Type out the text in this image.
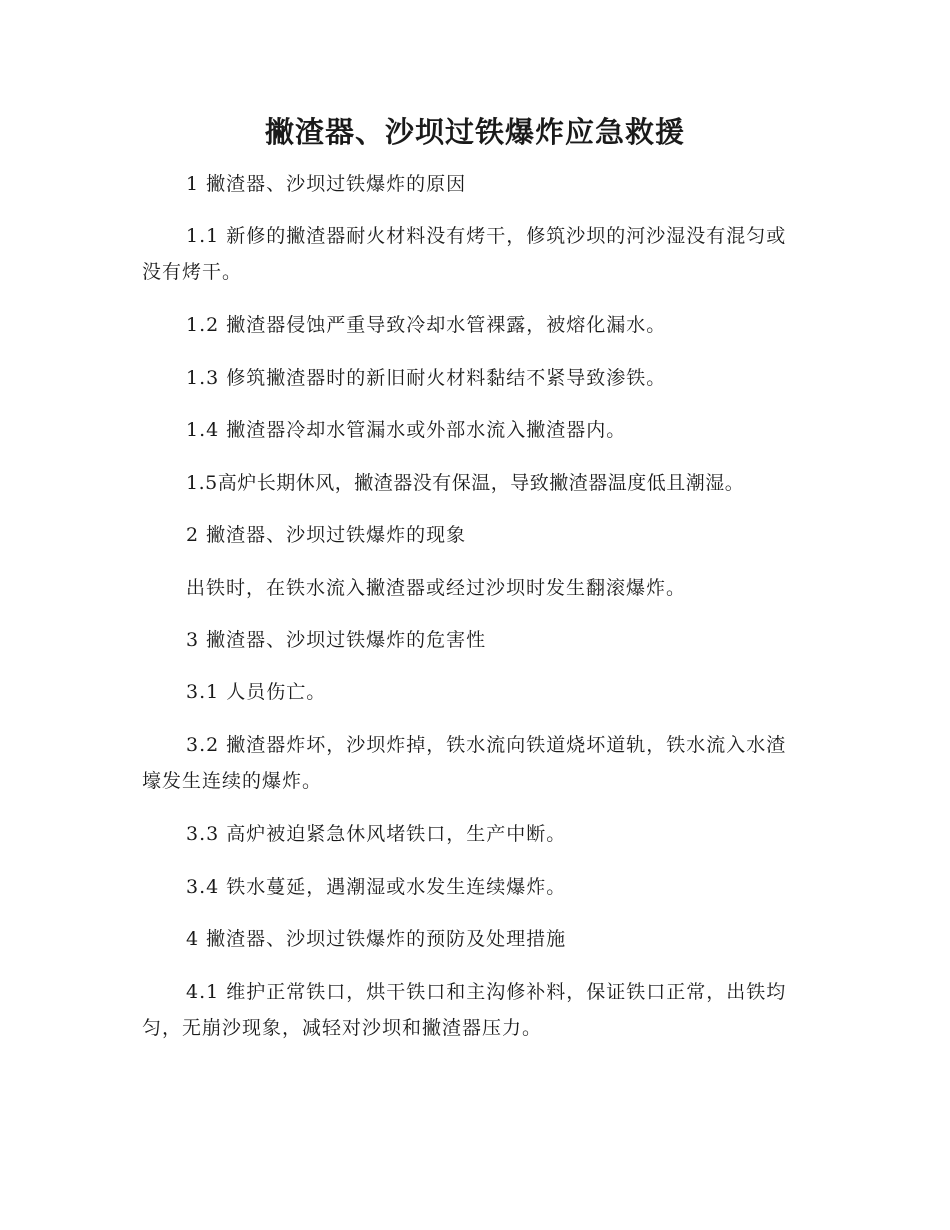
撇渣器、沙坝过铁爆炸应急救援

1 撇渣器、沙坝过铁爆炸的原因

1.1 新修的撇渣器耐火材料没有烤干，修筑沙坝的河沙湿没有混匀或没有烤干。

1.2 撇渣器侵蚀严重导致冷却水管裸露，被熔化漏水。

1.3 修筑撇渣器时的新旧耐火材料黏结不紧导致渗铁。

1.4 撇渣器冷却水管漏水或外部水流入撇渣器内。

1.5高炉长期休风，撇渣器没有保温，导致撇渣器温度低且潮湿。

2 撇渣器、沙坝过铁爆炸的现象

出铁时，在铁水流入撇渣器或经过沙坝时发生翻滚爆炸。

3 撇渣器、沙坝过铁爆炸的危害性

3.1 人员伤亡。

3.2 撇渣器炸坏，沙坝炸掉，铁水流向铁道烧坏道轨，铁水流入水渣壕发生连续的爆炸。

3.3 高炉被迫紧急休风堵铁口，生产中断。

3.4 铁水蔓延，遇潮湿或水发生连续爆炸。

4 撇渣器、沙坝过铁爆炸的预防及处理措施

4.1 维护正常铁口，烘干铁口和主沟修补料，保证铁口正常，出铁均匀，无崩沙现象，减轻对沙坝和撇渣器压力。
